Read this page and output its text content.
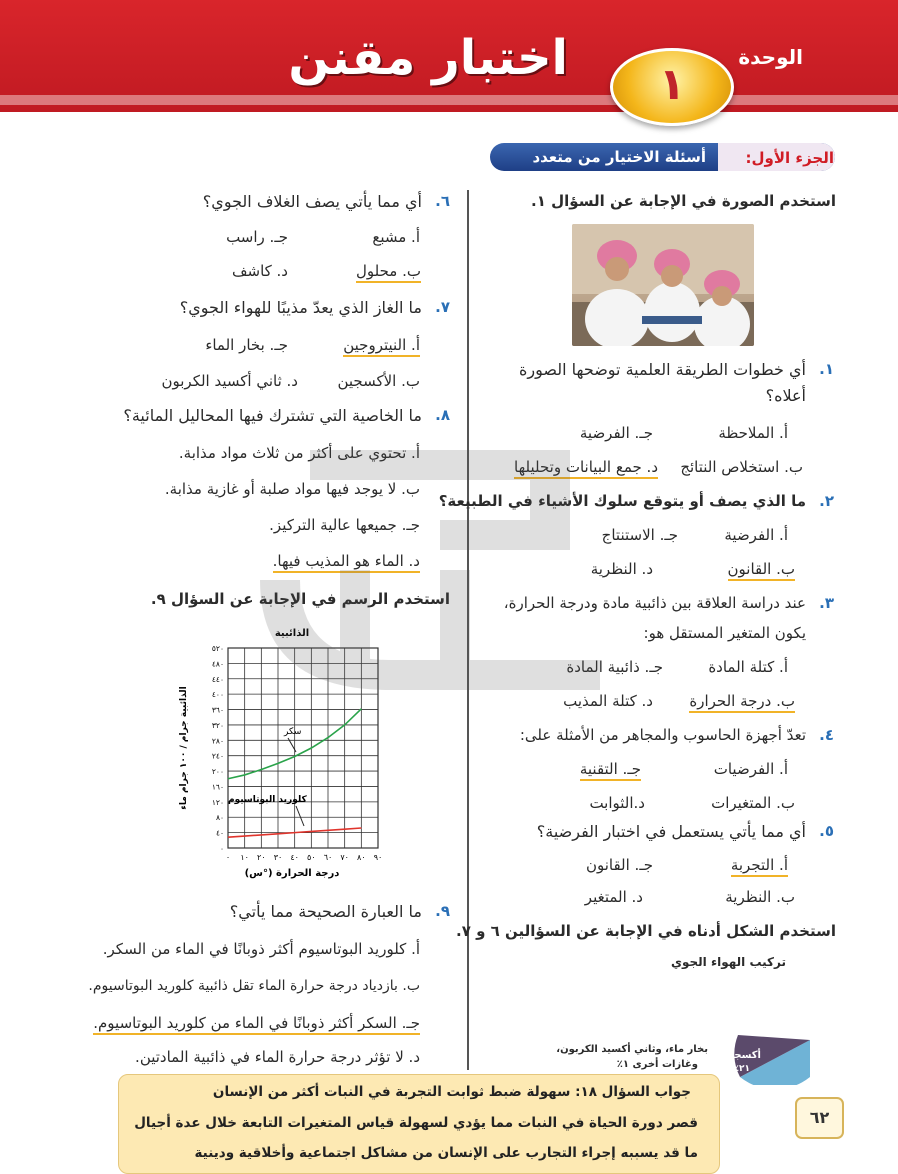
١
اختبار مقنن	الوحدة
الجزء الأول:
أسئلة الاختيار من متعدد
استخدم الصورة في الإجابة عن السؤال ١.
١.
أي خطوات الطريقة العلمية توضحها الصورة
أعلاه؟
أ. الملاحظة
جـ. الفرضية
ب. استخلاص النتائج
د. جمع البيانات وتحليلها
٢.
ما الذي يصف أو يتوقع سلوك الأشياء في الطبيعة؟
أ. الفرضية
جـ. الاستنتاج
ب. القانون
د. النظرية
٣.
عند دراسة العلاقة بين ذائبية مادة ودرجة الحرارة،
يكون المتغير المستقل هو:
أ. كتلة المادة
جـ. ذائبية المادة
ب. درجة الحرارة
د. كتلة المذيب
٤.
تعدّ أجهزة الحاسوب والمجاهر من الأمثلة على:
أ. الفرضيات
جـ. التقنية
ب. المتغيرات
د.الثوابت
٥.
أي مما يأتي يستعمل في اختبار الفرضية؟
أ. التجربة
جـ. القانون
ب. النظرية
د. المتغير
استخدم الشكل أدناه في الإجابة عن السؤالين ٦ و ٧.
تركيب الهواء الجوي
نيتروجين ٧٨٪
أكسجين
٢١٪
بخار ماء، وثاني أكسيد الكربون،
وغازات أخرى ١٪
٦.
أي مما يأتي يصف الغلاف الجوي؟
أ. مشبع
جـ. راسب
ب. محلول
د. كاشف
٧.
ما الغاز الذي يعدّ مذيبًا للهواء الجوي؟
أ. النيتروجين
جـ. بخار الماء
ب. الأكسجين
د. ثاني أكسيد الكربون
٨.
ما الخاصية التي تشترك فيها المحاليل المائية؟
أ. تحتوي على أكثر من ثلاث مواد مذابة.
ب. لا يوجد فيها مواد صلبة أو غازية مذابة.
جـ. جميعها عالية التركيز.
د. الماء هو المذيب فيها.
استخدم الرسم في الإجابة عن السؤال ٩.
٠ ١٠ ٢٠ ٣٠ ٤٠ ٥٠ ٦٠ ٧٠ ٨٠ ٩٠
٠
٤٠
٨٠
١٢٠
١٦٠
٢٠٠
٢٤٠
٢٨٠
٣٢٠
٣٦٠
٤٠٠
٤٤٠
٤٨٠
٥٢٠
الذائبية
درجة الحرارة (°س)
الذائبية جرام / ١٠٠ جرام ماء	سكر
كلوريد البوتاسيوم
٩.
ما العبارة الصحيحة مما يأتي؟
أ. كلوريد البوتاسيوم أكثر ذوبانًا في الماء من السكر.
ب. بازدياد درجة حرارة الماء تقل ذائبية كلوريد البوتاسيوم.
جـ. السكر أكثر ذوبانًا في الماء من كلوريد البوتاسيوم.
د. لا تؤثر درجة حرارة الماء في ذائبية المادتين.
جواب السؤال ١٨: سهولة ضبط ثوابت التجربة في النبات أكثر من الإنسان
قصر دورة الحياة في النبات مما يؤدي لسهولة قياس المتغيرات التابعة خلال عدة أجيال
ما قد يسببه إجراء التجارب على الإنسان من مشاكل اجتماعية وأخلاقية ودينية
٦٢
